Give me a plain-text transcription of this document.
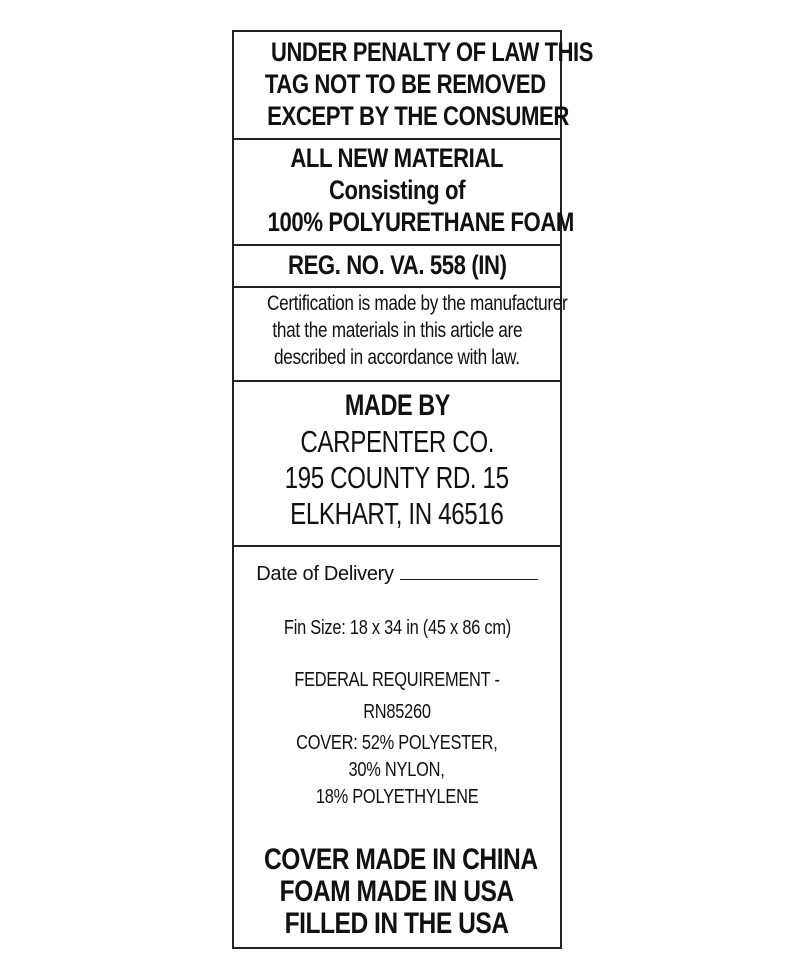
UNDER PENALTY OF LAW THIS
TAG NOT TO BE REMOVED
EXCEPT BY THE CONSUMER
ALL NEW MATERIAL
Consisting of
100% POLYURETHANE FOAM
REG. NO. VA. 558 (IN)
Certification is made by the manufacturer
that the materials in this article are
described in accordance with law.
MADE BY
CARPENTER CO.
195 COUNTY RD. 15
ELKHART, IN 46516
Date of Delivery
Fin Size: 18 x 34 in (45 x 86 cm)
FEDERAL REQUIREMENT - RN85260
COVER: 52% POLYESTER,
30% NYLON,
18% POLYETHYLENE
COVER MADE IN CHINA
FOAM MADE IN USA
FILLED IN THE USA
